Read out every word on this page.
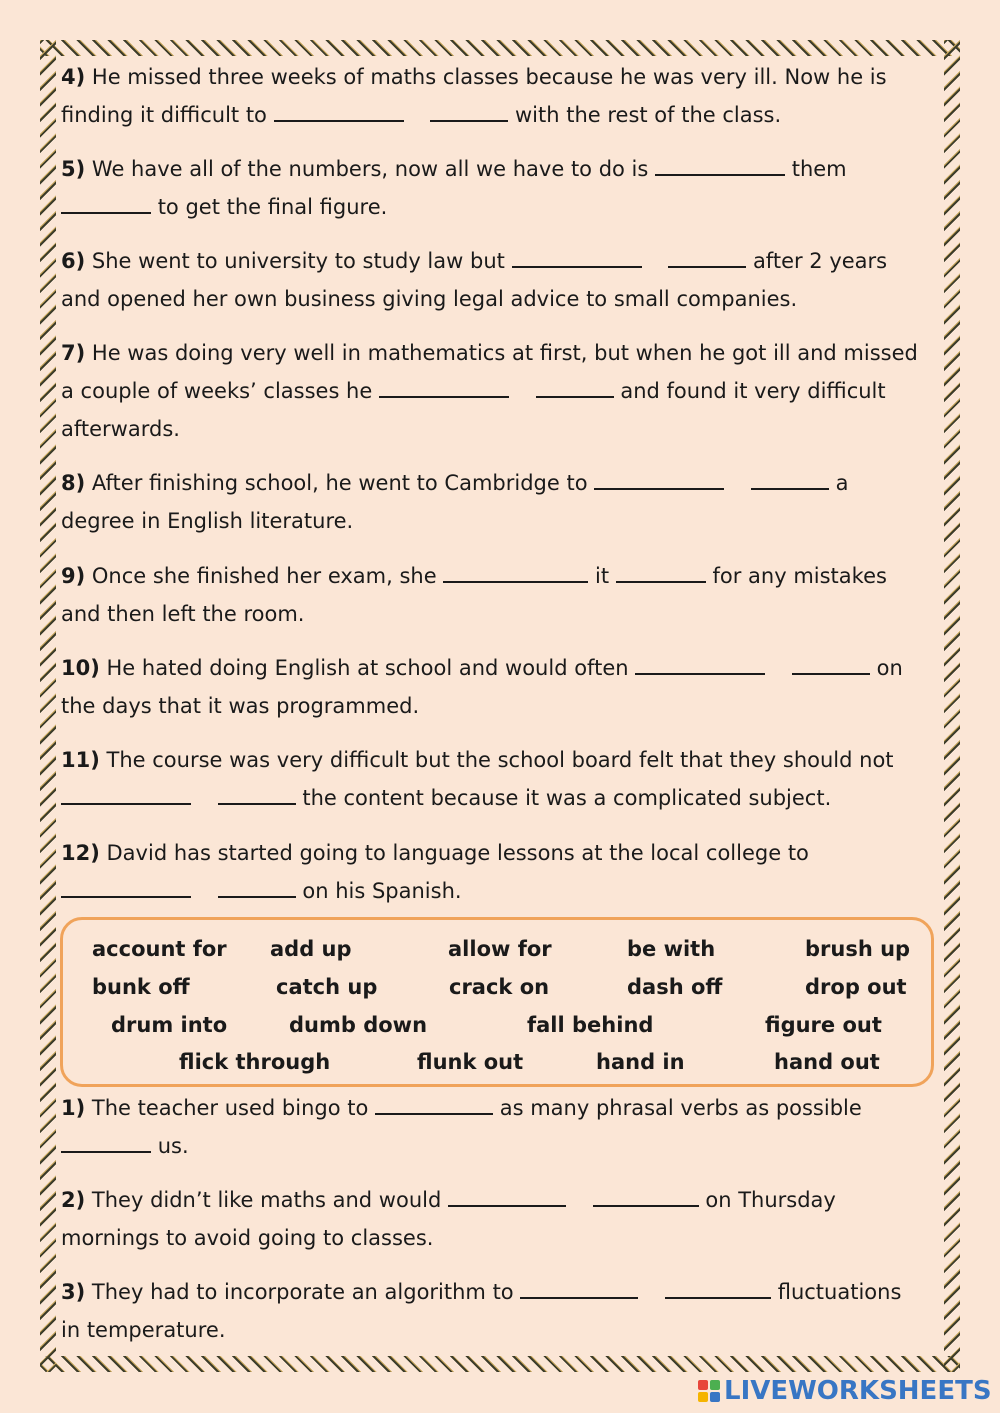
4) He missed three weeks of maths classes because he was very ill. Now he is
finding it difficult to	with the rest of the class.
5) We have all of the numbers, now all we have to do is	them
to get the final figure.
6) She went to university to study law but	after 2 years
and opened her own business giving legal advice to small companies.
7) He was doing very well in mathematics at first, but when he got ill and missed
a couple of weeks’ classes he	and found it very difficult
afterwards.
8) After finishing school, he went to Cambridge to	a
degree in English literature.
9) Once she finished her exam, she	it	for any mistakes
and then left the room.
10) He hated doing English at school and would often	on
the days that it was programmed.
11) The course was very difficult but the school board felt that they should not
the content because it was a complicated subject.
12) David has started going to language lessons at the local college to
on his Spanish.
account for add up	allow for	be with	brush up
bunk off	catch up	crack on	dash off	drop out
drum into	dumb down	fall behind	figure out
flick through	flunk out	hand in	hand out
1) The teacher used bingo to	as many phrasal verbs as possible
us.
2) They didn’t like maths and would	on Thursday
mornings to avoid going to classes.
3) They had to incorporate an algorithm to	fluctuations
in temperature.
LIVEWORKSHEETS
